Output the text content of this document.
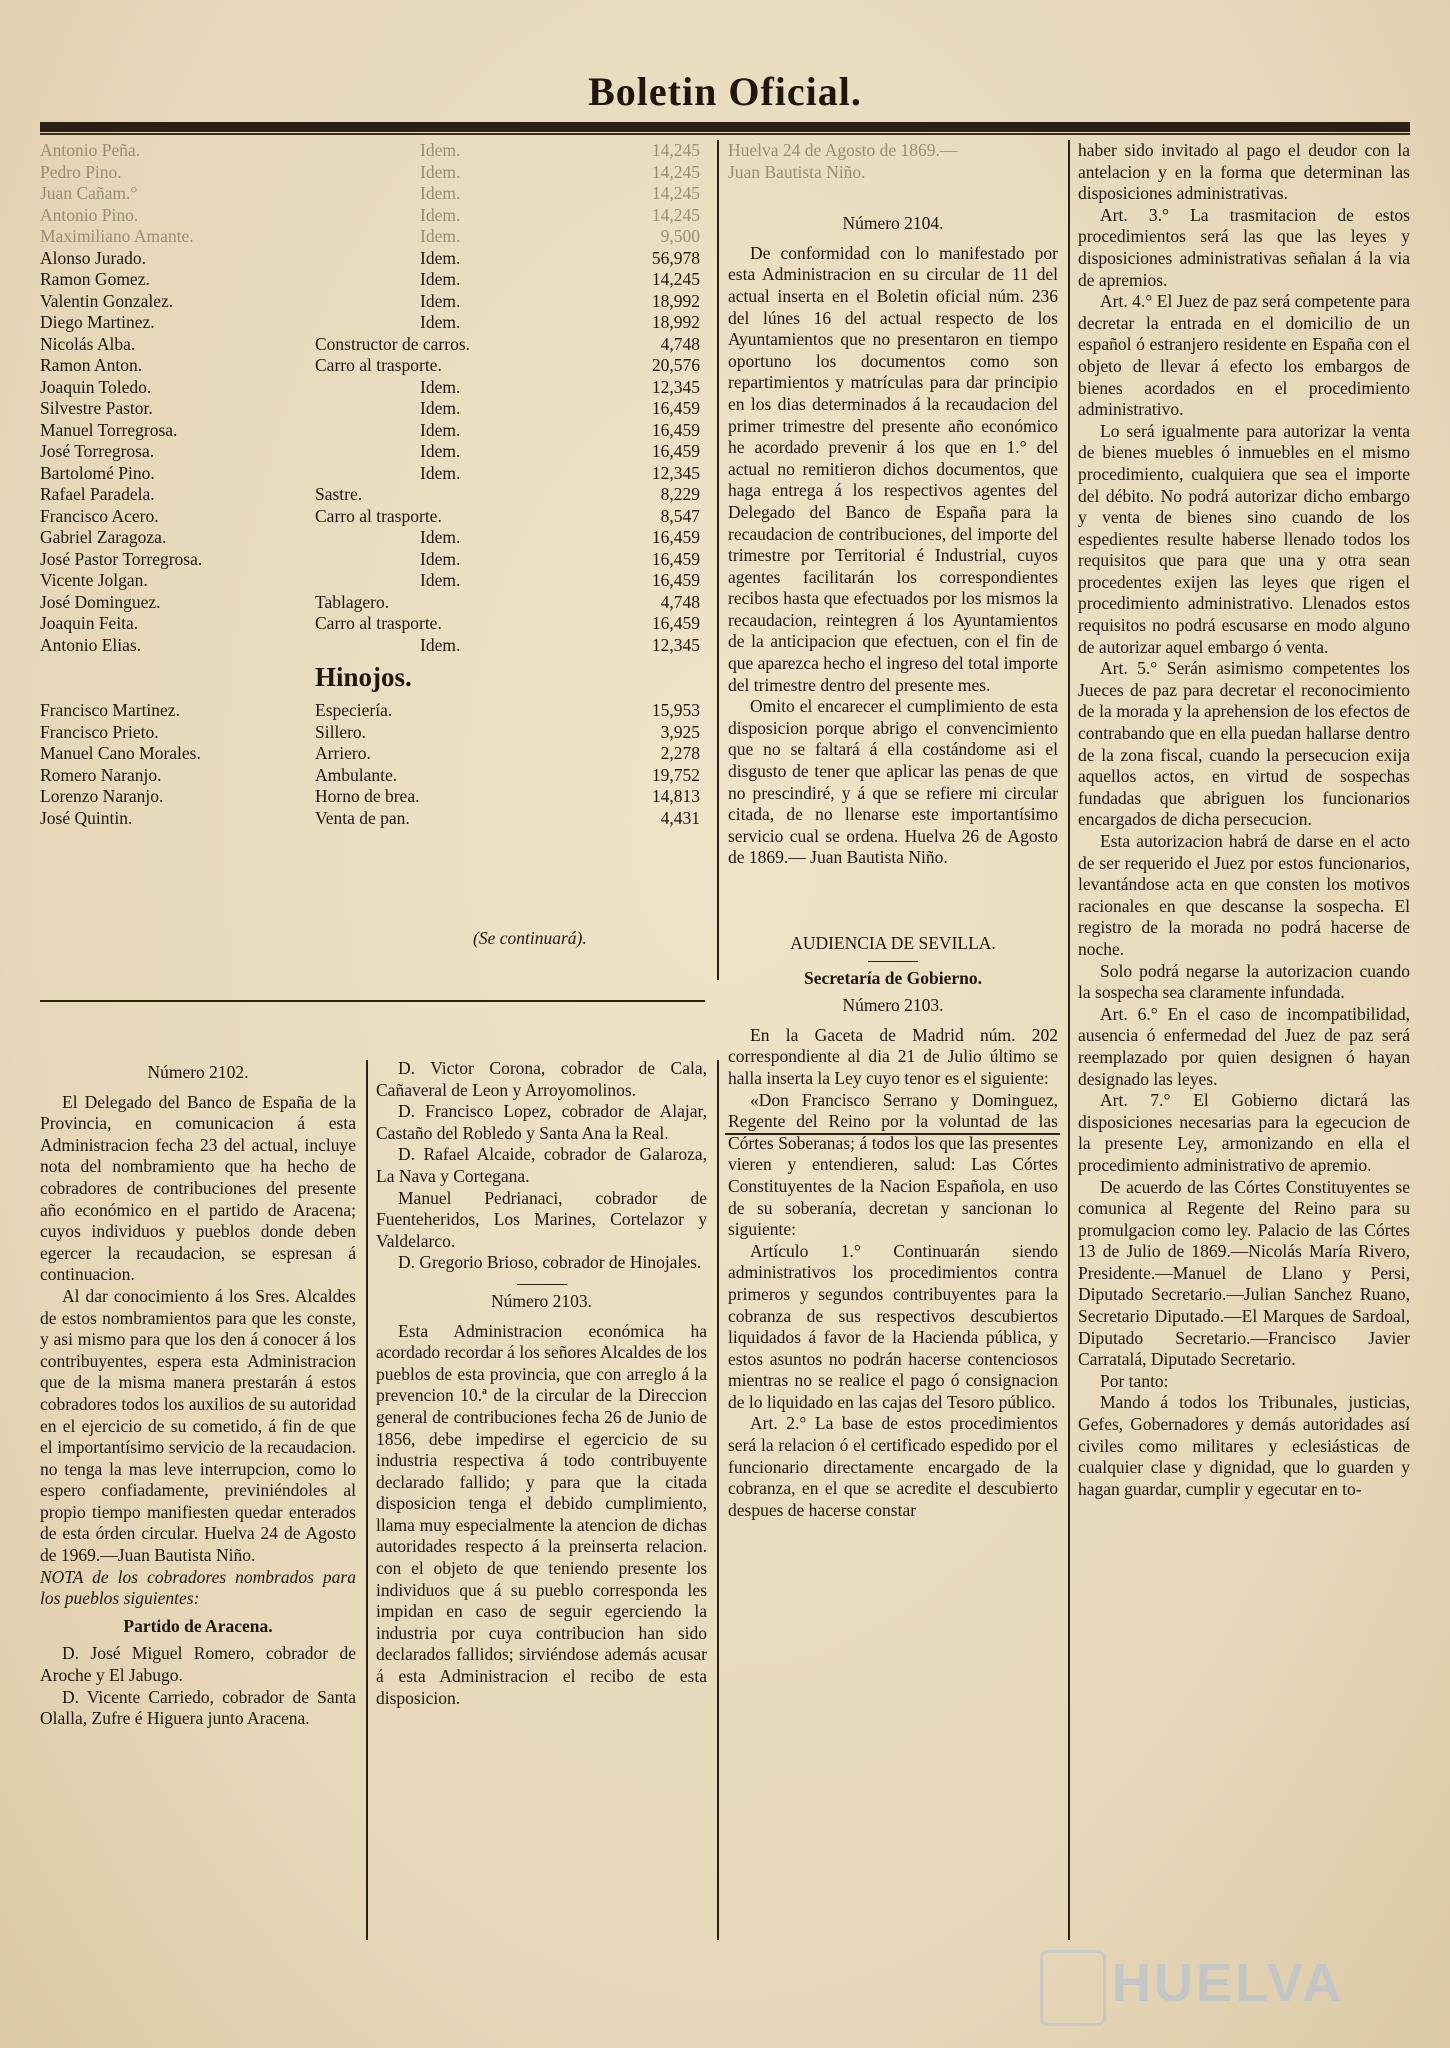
Boletin Oficial.
Antonio Peña.	Idem.	14,245
Pedro Pino.	Idem.	14,245
Juan Cañam.°	Idem.	14,245
Antonio Pino.	Idem.	14,245
Maximiliano Amante.	Idem.	9,500
Alonso Jurado.	Idem.	56,978
Ramon Gomez.	Idem.	14,245
Valentin Gonzalez.	Idem.	18,992
Diego Martinez.	Idem.	18,992
Nicolás Alba.	Constructor de carros.	4,748
Ramon Anton.	Carro al trasporte.	20,576
Joaquin Toledo.	Idem.	12,345
Silvestre Pastor.	Idem.	16,459
Manuel Torregrosa.	Idem.	16,459
José Torregrosa.	Idem.	16,459
Bartolomé Pino.	Idem.	12,345
Rafael Paradela.	Sastre.	8,229
Francisco Acero.	Carro al trasporte.	8,547
Gabriel Zaragoza.	Idem.	16,459
José Pastor Torregrosa.	Idem.	16,459
Vicente Jolgan.	Idem.	16,459
José Dominguez.	Tablagero.	4,748
Joaquin Feita.	Carro al trasporte.	16,459
Antonio Elias.	Idem.	12,345
Hinojos.
Francisco Martinez.	Especiería.	15,953
Francisco Prieto.	Sillero.	3,925
Manuel Cano Morales.	Arriero.	2,278
Romero Naranjo.	Ambulante.	19,752
Lorenzo Naranjo.	Horno de brea.	14,813
José Quintin.	Venta de pan.	4,431
(Se continuará).

Huelva 24 de Agosto de 1869.—

Juan Bautista Niño.

Número 2104.

De conformidad con lo manifestado por esta Administracion en su circular de 11 del actual inserta en el Boletin oficial núm. 236 del lúnes 16 del actual respecto de los Ayuntamientos que no presentaron en tiempo oportuno los documentos como son repartimientos y matrículas para dar principio en los dias determinados á la recaudacion del primer trimestre del presente año económico he acordado prevenir á los que en 1.° del actual no remitieron dichos documentos, que haga entrega á los respectivos agentes del Delegado del Banco de España para la recaudacion de contribuciones, del importe del trimestre por Territorial é Industrial, cuyos agentes facilitarán los correspondientes recibos hasta que efectuados por los mismos la recaudacion, reintegren á los Ayuntamientos de la anticipacion que efectuen, con el fin de que aparezca hecho el ingreso del total importe del trimestre dentro del presente mes.

Omito el encarecer el cumplimiento de esta disposicion porque abrigo el convencimiento que no se faltará á ella costándome asi el disgusto de tener que aplicar las penas de que no prescindiré, y á que se refiere mi circular citada, de no llenarse este importantísimo servicio cual se ordena. Huelva 26 de Agosto de 1869.— Juan Bautista Niño.

AUDIENCIA DE SEVILLA.
Secretaría de Gobierno.
Número 2103.

En la Gaceta de Madrid núm. 202 correspondiente al dia 21 de Julio último se halla inserta la Ley cuyo tenor es el siguiente:

«Don Francisco Serrano y Dominguez, Regente del Reino por la voluntad de las Córtes Soberanas; á todos los que las presentes vieren y entendieren, salud: Las Córtes Constituyentes de la Nacion Española, en uso de su soberanía, decretan y sancionan lo siguiente:

Artículo 1.° Continuarán siendo administrativos los procedimientos contra primeros y segundos contribuyentes para la cobranza de sus respectivos descubiertos liquidados á favor de la Hacienda pública, y estos asuntos no podrán hacerse contenciosos mientras no se realice el pago ó consignacion de lo liquidado en las cajas del Tesoro público.

Art. 2.° La base de estos procedimientos será la relacion ó el certificado espedido por el funcionario directamente encargado de la cobranza, en el que se acredite el descubierto despues de hacerse constar

haber sido invitado al pago el deudor con la antelacion y en la forma que determinan las disposiciones administrativas.

Art. 3.° La trasmitacion de estos procedimientos será las que las leyes y disposiciones administrativas señalan á la via de apremios.

Art. 4.° El Juez de paz será competente para decretar la entrada en el domicilio de un español ó estranjero residente en España con el objeto de llevar á efecto los embargos de bienes acordados en el procedimiento administrativo.

Lo será igualmente para autorizar la venta de bienes muebles ó inmuebles en el mismo procedimiento, cualquiera que sea el importe del débito. No podrá autorizar dicho embargo y venta de bienes sino cuando de los espedientes resulte haberse llenado todos los requisitos que para que una y otra sean procedentes exijen las leyes que rigen el procedimiento administrativo. Llenados estos requisitos no podrá escusarse en modo alguno de autorizar aquel embargo ó venta.

Art. 5.° Serán asimismo competentes los Jueces de paz para decretar el reconocimiento de la morada y la aprehension de los efectos de contrabando que en ella puedan hallarse dentro de la zona fiscal, cuando la persecucion exija aquellos actos, en virtud de sospechas fundadas que abriguen los funcionarios encargados de dicha persecucion.

Esta autorizacion habrá de darse en el acto de ser requerido el Juez por estos funcionarios, levantándose acta en que consten los motivos racionales en que descanse la sospecha. El registro de la morada no podrá hacerse de noche.

Solo podrá negarse la autorizacion cuando la sospecha sea claramente infundada.

Art. 6.° En el caso de incompatibilidad, ausencia ó enfermedad del Juez de paz será reemplazado por quien designen ó hayan designado las leyes.

Art. 7.° El Gobierno dictará las disposiciones necesarias para la egecucion de la presente Ley, armonizando en ella el procedimiento administrativo de apremio.

De acuerdo de las Córtes Constituyentes se comunica al Regente del Reino para su promulgacion como ley. Palacio de las Córtes 13 de Julio de 1869.—Nicolás María Rivero, Presidente.—Manuel de Llano y Persi, Diputado Secretario.—Julian Sanchez Ruano, Secretario Diputado.—El Marques de Sardoal, Diputado Secretario.—Francisco Javier Carratalá, Diputado Secretario.

Por tanto:

Mando á todos los Tribunales, justicias, Gefes, Gobernadores y demás autoridades así civiles como militares y eclesiásticas de cualquier clase y dignidad, que lo guarden y hagan guardar, cumplir y egecutar en to-

Número 2102.

El Delegado del Banco de España de la Provincia, en comunicacion á esta Administracion fecha 23 del actual, incluye nota del nombramiento que ha hecho de cobradores de contribuciones del presente año económico en el partido de Aracena; cuyos individuos y pueblos donde deben egercer la recaudacion, se espresan á continuacion.

Al dar conocimiento á los Sres. Alcaldes de estos nombramientos para que les conste, y asi mismo para que los den á conocer á los contribuyentes, espera esta Administracion que de la misma manera prestarán á estos cobradores todos los auxilios de su autoridad en el ejercicio de su cometido, á fin de que el importantísimo servicio de la recaudacion. no tenga la mas leve interrupcion, como lo espero confiadamente, previniéndoles al propio tiempo manifiesten quedar enterados de esta órden circular. Huelva 24 de Agosto de 1969.—Juan Bautista Niño.

NOTA de los cobradores nombrados para los pueblos siguientes:

Partido de Aracena.

D. José Miguel Romero, cobrador de Aroche y El Jabugo.

D. Vicente Carriedo, cobrador de Santa Olalla, Zufre é Higuera junto Aracena.

D. Victor Corona, cobrador de Cala, Cañaveral de Leon y Arroyomolinos.

D. Francisco Lopez, cobrador de Alajar, Castaño del Robledo y Santa Ana la Real.

D. Rafael Alcaide, cobrador de Galaroza, La Nava y Cortegana.

Manuel Pedrianaci, cobrador de Fuenteheridos, Los Marines, Cortelazor y Valdelarco.

D. Gregorio Brioso, cobrador de Hinojales.

Número 2103.

Esta Administracion económica ha acordado recordar á los señores Alcaldes de los pueblos de esta provincia, que con arreglo á la prevencion 10.ª de la circular de la Direccion general de contribuciones fecha 26 de Junio de 1856, debe impedirse el egercicio de su industria respectiva á todo contribuyente declarado fallido; y para que la citada disposicion tenga el debido cumplimiento, llama muy especialmente la atencion de dichas autoridades respecto á la preinserta relacion. con el objeto de que teniendo presente los individuos que á su pueblo corresponda les impidan en caso de seguir egerciendo la industria por cuya contribucion han sido declarados fallidos; sirviéndose además acusar á esta Administracion el recibo de esta disposicion.

HUELVA
